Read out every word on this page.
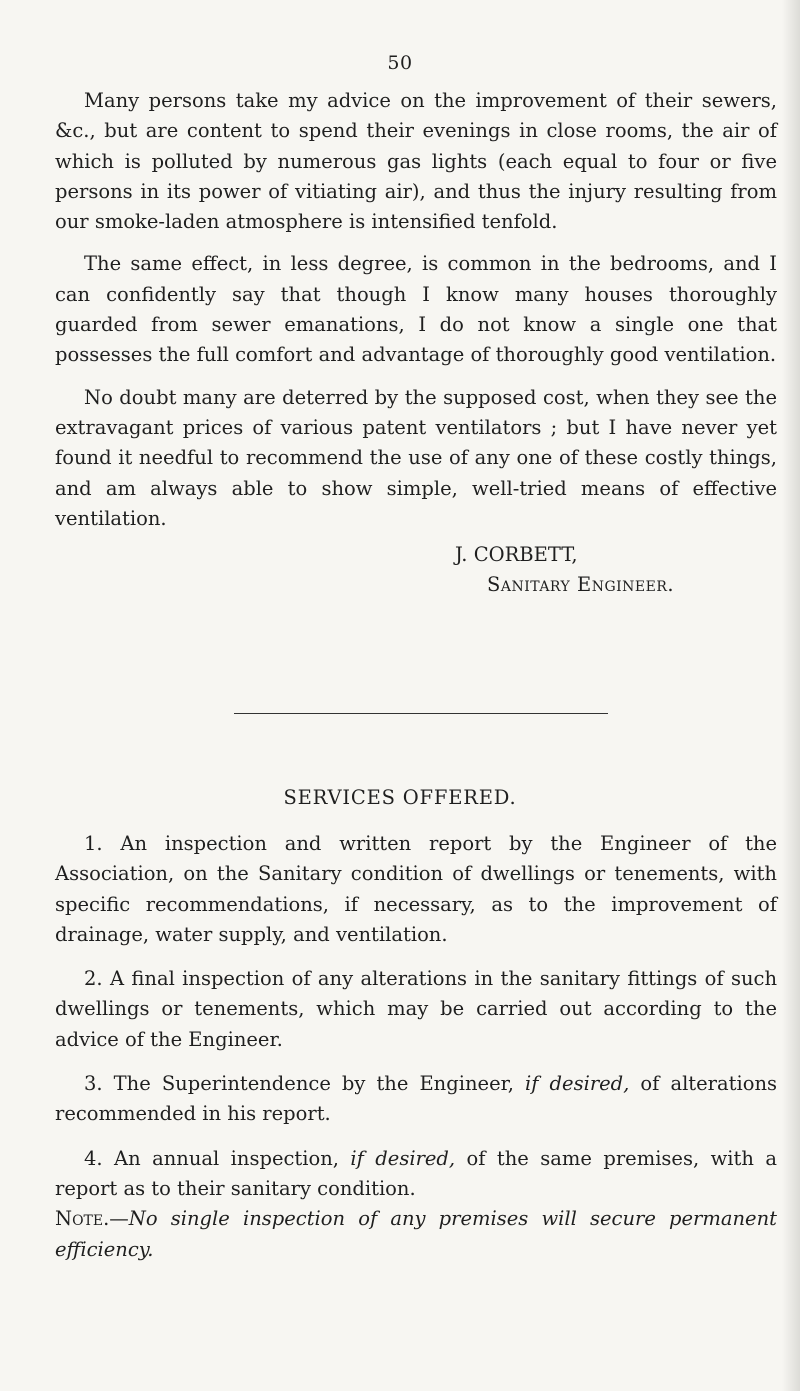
50

Many persons take my advice on the improvement of their sewers, &c., but are content to spend their evenings in close rooms, the air of which is polluted by numerous gas lights (each equal to four or five persons in its power of vitiating air), and thus the injury resulting from our smoke-laden atmosphere is intensified tenfold.

The same effect, in less degree, is common in the bedrooms, and I can confidently say that though I know many houses thoroughly guarded from sewer emanations, I do not know a single one that possesses the full comfort and advantage of thoroughly good ventilation.

No doubt many are deterred by the supposed cost, when they see the extravagant prices of various patent ventilators ; but I have never yet found it needful to recommend the use of any one of these costly things, and am always able to show simple, well-tried means of effective ventilation.

J. CORBETT,
Sanitary Engineer.
SERVICES OFFERED.

1. An inspection and written report by the Engineer of the Association, on the Sanitary condition of dwellings or tenements, with specific recommendations, if necessary, as to the improvement of drainage, water supply, and ventilation.

2. A final inspection of any alterations in the sanitary fittings of such dwellings or tenements, which may be carried out according to the advice of the Engineer.

3. The Superintendence by the Engineer, if desired, of alterations recommended in his report.

4. An annual inspection, if desired, of the same premises, with a report as to their sanitary condition.

Note.—No single inspection of any premises will secure permanent efficiency.
